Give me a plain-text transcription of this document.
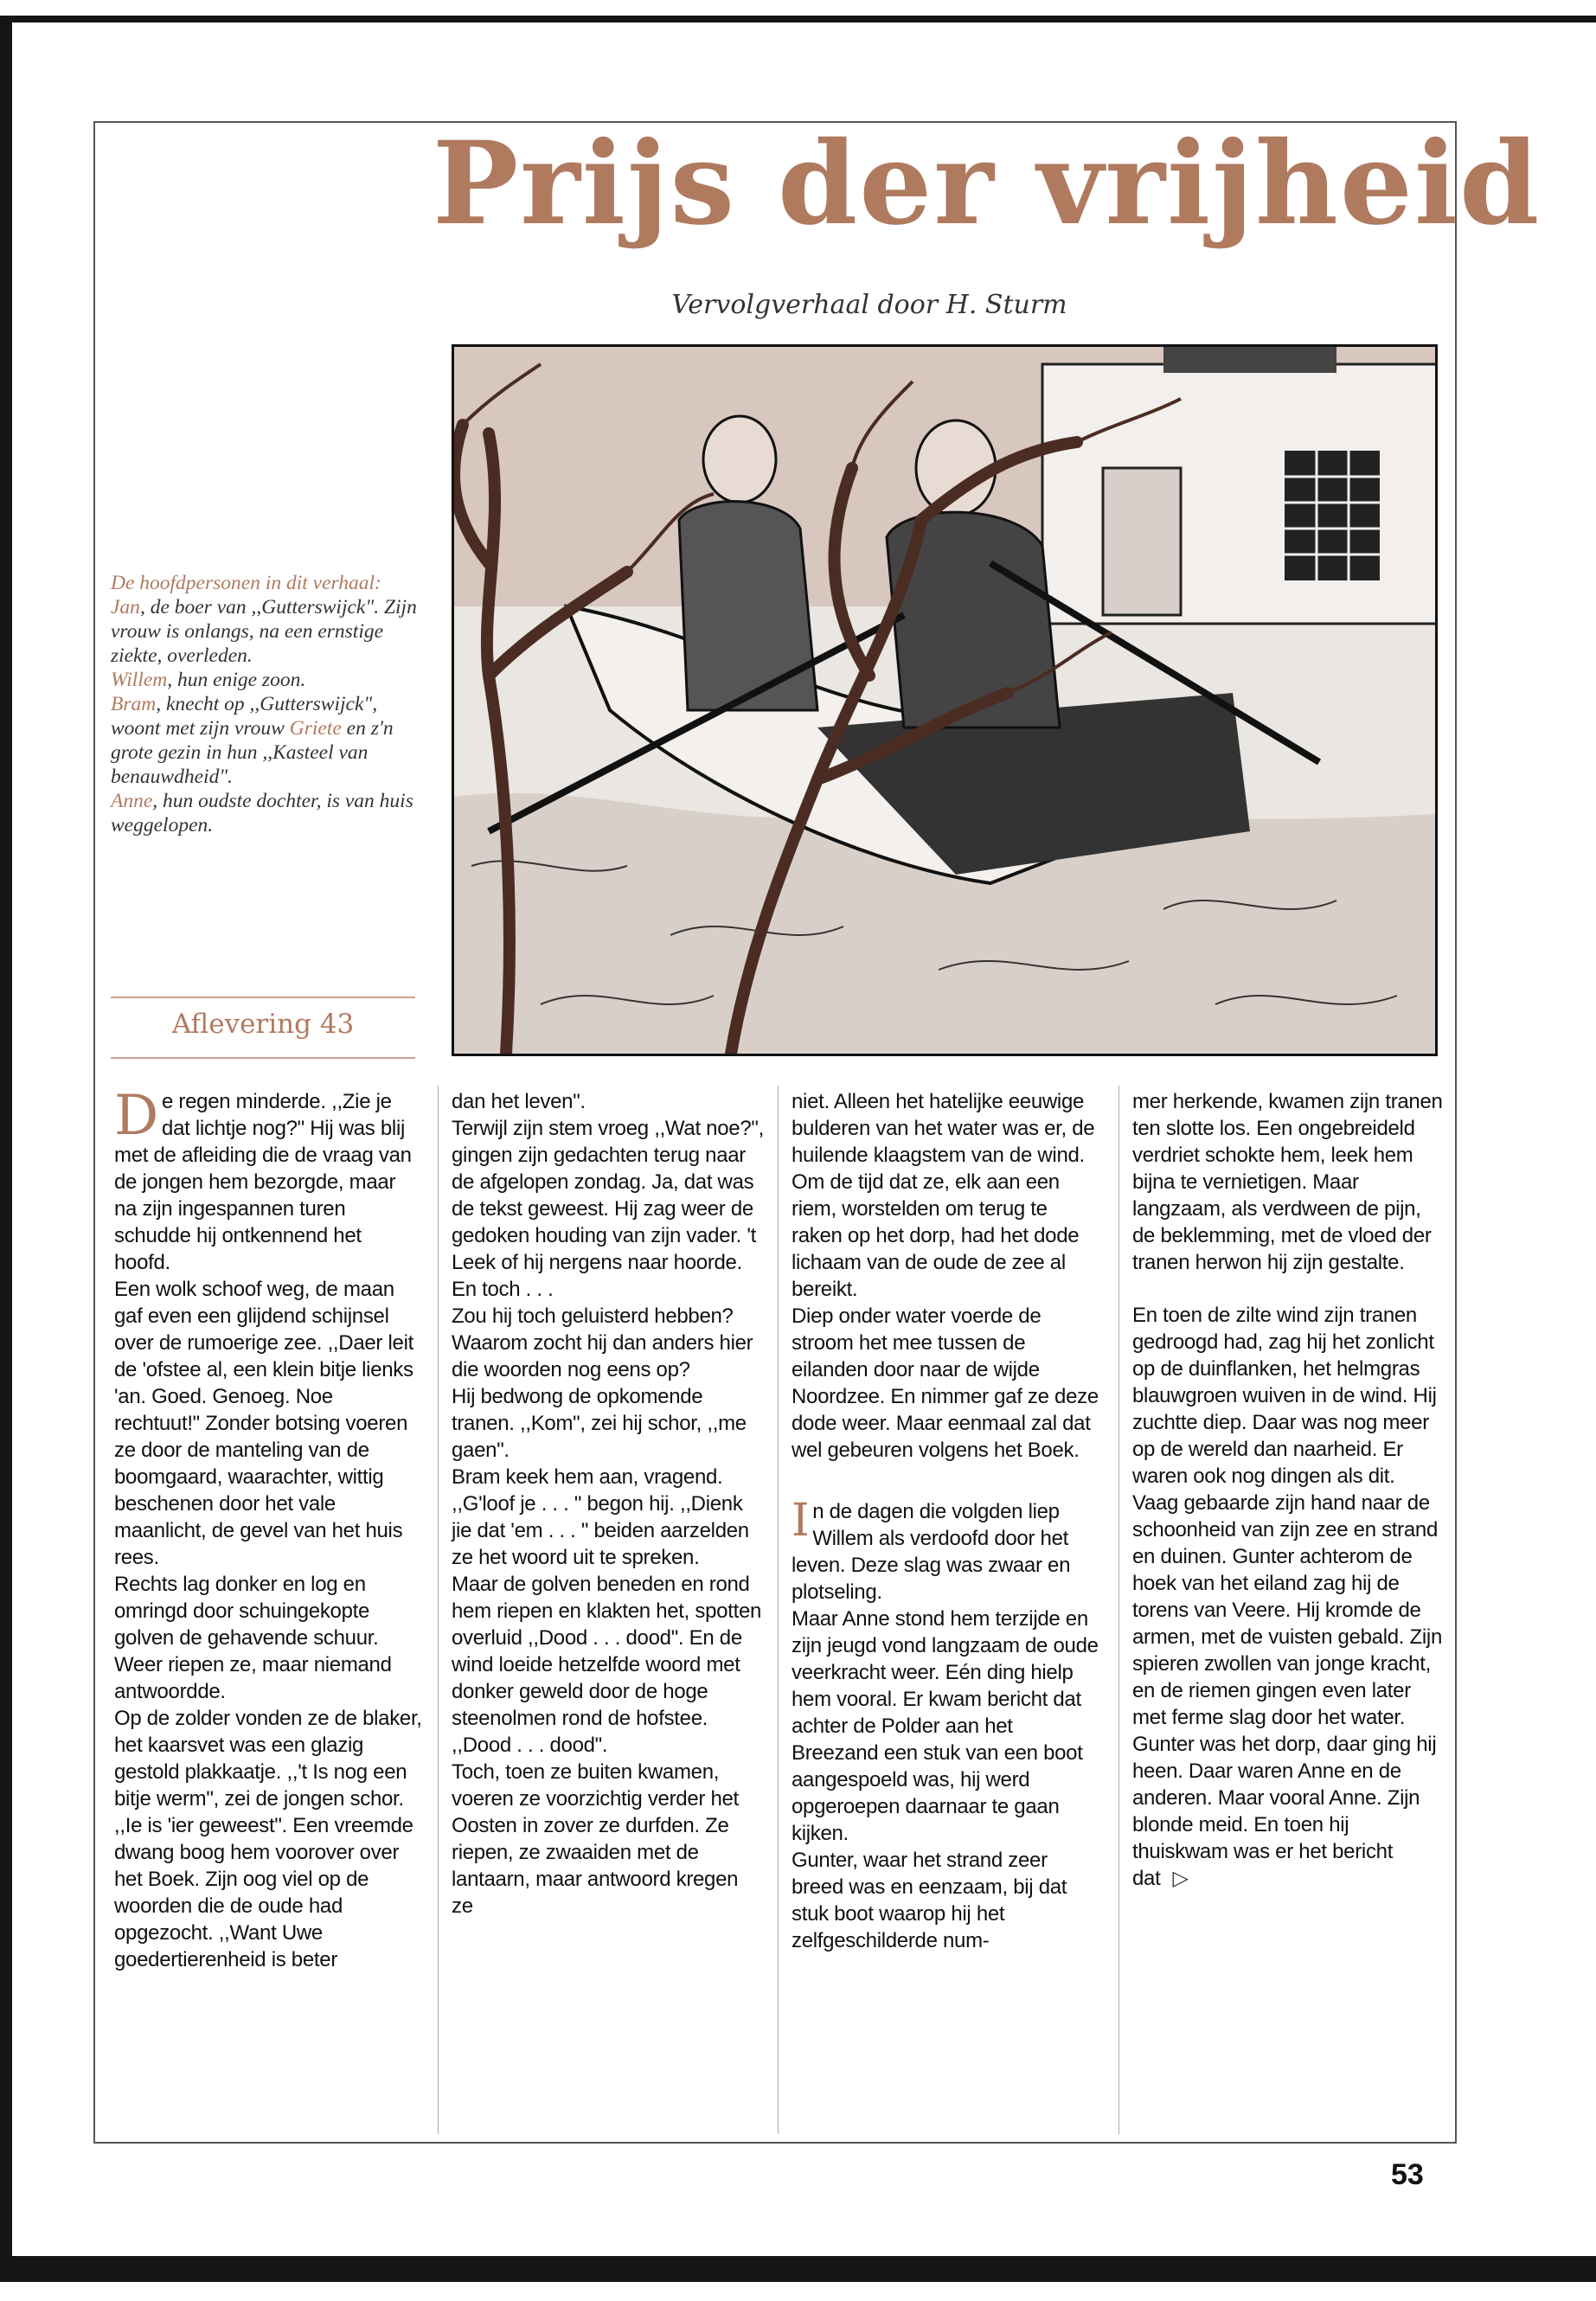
Prijs der vrijheid
Vervolgverhaal door H. Sturm

De hoofdpersonen in dit verhaal:

Jan, de boer van ,,Gutterswijck". Zijn vrouw is onlangs, na een ernstige ziekte, overleden.

Willem, hun enige zoon.

Bram, knecht op ,,Gutterswijck", woont met zijn vrouw Griete en z'n grote gezin in hun ,,Kasteel van benauwdheid".

Anne, hun oudste dochter, is van huis weggelopen.

Aflevering 43

De regen minderde. ,,Zie je dat lichtje nog?" Hij was blij met de afleiding die de vraag van de jongen hem bezorgde, maar na zijn ingespannen turen schudde hij ontkennend het hoofd.

Een wolk schoof weg, de maan gaf even een glijdend schijnsel over de rumoerige zee. ,,Daer leit de 'ofstee al, een klein bitje lienks 'an. Goed. Genoeg. Noe rechtuut!" Zonder botsing voeren ze door de manteling van de boomgaard, waarachter, wittig beschenen door het vale maanlicht, de gevel van het huis rees.

Rechts lag donker en log en omringd door schuingekopte golven de gehavende schuur. Weer riepen ze, maar niemand antwoordde.

Op de zolder vonden ze de blaker, het kaarsvet was een glazig gestold plakkaatje. ,,'t Is nog een bitje werm", zei de jongen schor. ,,Ie is 'ier geweest". Een vreemde dwang boog hem voorover over het Boek. Zijn oog viel op de woorden die de oude had opgezocht. ,,Want Uwe goedertierenheid is beter

dan het leven".

Terwijl zijn stem vroeg ,,Wat noe?", gingen zijn gedachten terug naar de afgelopen zondag. Ja, dat was de tekst geweest. Hij zag weer de gedoken houding van zijn vader. 't Leek of hij nergens naar hoorde. En toch . . .

Zou hij toch geluisterd hebben? Waarom zocht hij dan anders hier die woorden nog eens op?

Hij bedwong de opkomende tranen. ,,Kom", zei hij schor, ,,me gaen".

Bram keek hem aan, vragend. ,,G'loof je . . . " begon hij. ,,Dienk jie dat 'em . . . " beiden aarzelden ze het woord uit te spreken.

Maar de golven beneden en rond hem riepen en klakten het, spotten overluid ,,Dood . . . dood". En de wind loeide hetzelfde woord met donker geweld door de hoge steenolmen rond de hofstee. ,,Dood . . . dood".

Toch, toen ze buiten kwamen, voeren ze voorzichtig verder het Oosten in zover ze durfden. Ze riepen, ze zwaaiden met de lantaarn, maar antwoord kregen ze

niet. Alleen het hatelijke eeuwige bulderen van het water was er, de huilende klaagstem van de wind.

Om de tijd dat ze, elk aan een riem, worstelden om terug te raken op het dorp, had het dode lichaam van de oude de zee al bereikt.

Diep onder water voerde de stroom het mee tussen de eilanden door naar de wijde Noordzee. En nimmer gaf ze deze dode weer. Maar eenmaal zal dat wel gebeuren volgens het Boek.

In de dagen die volgden liep Willem als verdoofd door het leven. Deze slag was zwaar en plotseling.

Maar Anne stond hem terzijde en zijn jeugd vond langzaam de oude veerkracht weer. Eén ding hielp hem vooral. Er kwam bericht dat achter de Polder aan het Breezand een stuk van een boot aangespoeld was, hij werd opgeroepen daarnaar te gaan kijken.

Gunter, waar het strand zeer breed was en eenzaam, bij dat stuk boot waarop hij het zelfgeschilderde num-

mer herkende, kwamen zijn tranen ten slotte los. Een ongebreideld verdriet schokte hem, leek hem bijna te vernietigen. Maar langzaam, als verdween de pijn, de beklemming, met de vloed der tranen herwon hij zijn gestalte.

En toen de zilte wind zijn tranen gedroogd had, zag hij het zonlicht op de duinflanken, het helmgras blauwgroen wuiven in de wind. Hij zuchtte diep. Daar was nog meer op de wereld dan naarheid. Er waren ook nog dingen als dit. Vaag gebaarde zijn hand naar de schoonheid van zijn zee en strand en duinen. Gunter achterom de hoek van het eiland zag hij de torens van Veere. Hij kromde de armen, met de vuisten gebald. Zijn spieren zwollen van jonge kracht, en de riemen gingen even later met ferme slag door het water.

Gunter was het dorp, daar ging hij heen. Daar waren Anne en de anderen. Maar vooral Anne. Zijn blonde meid. En toen hij thuiskwam was er het bericht dat ▷

53
